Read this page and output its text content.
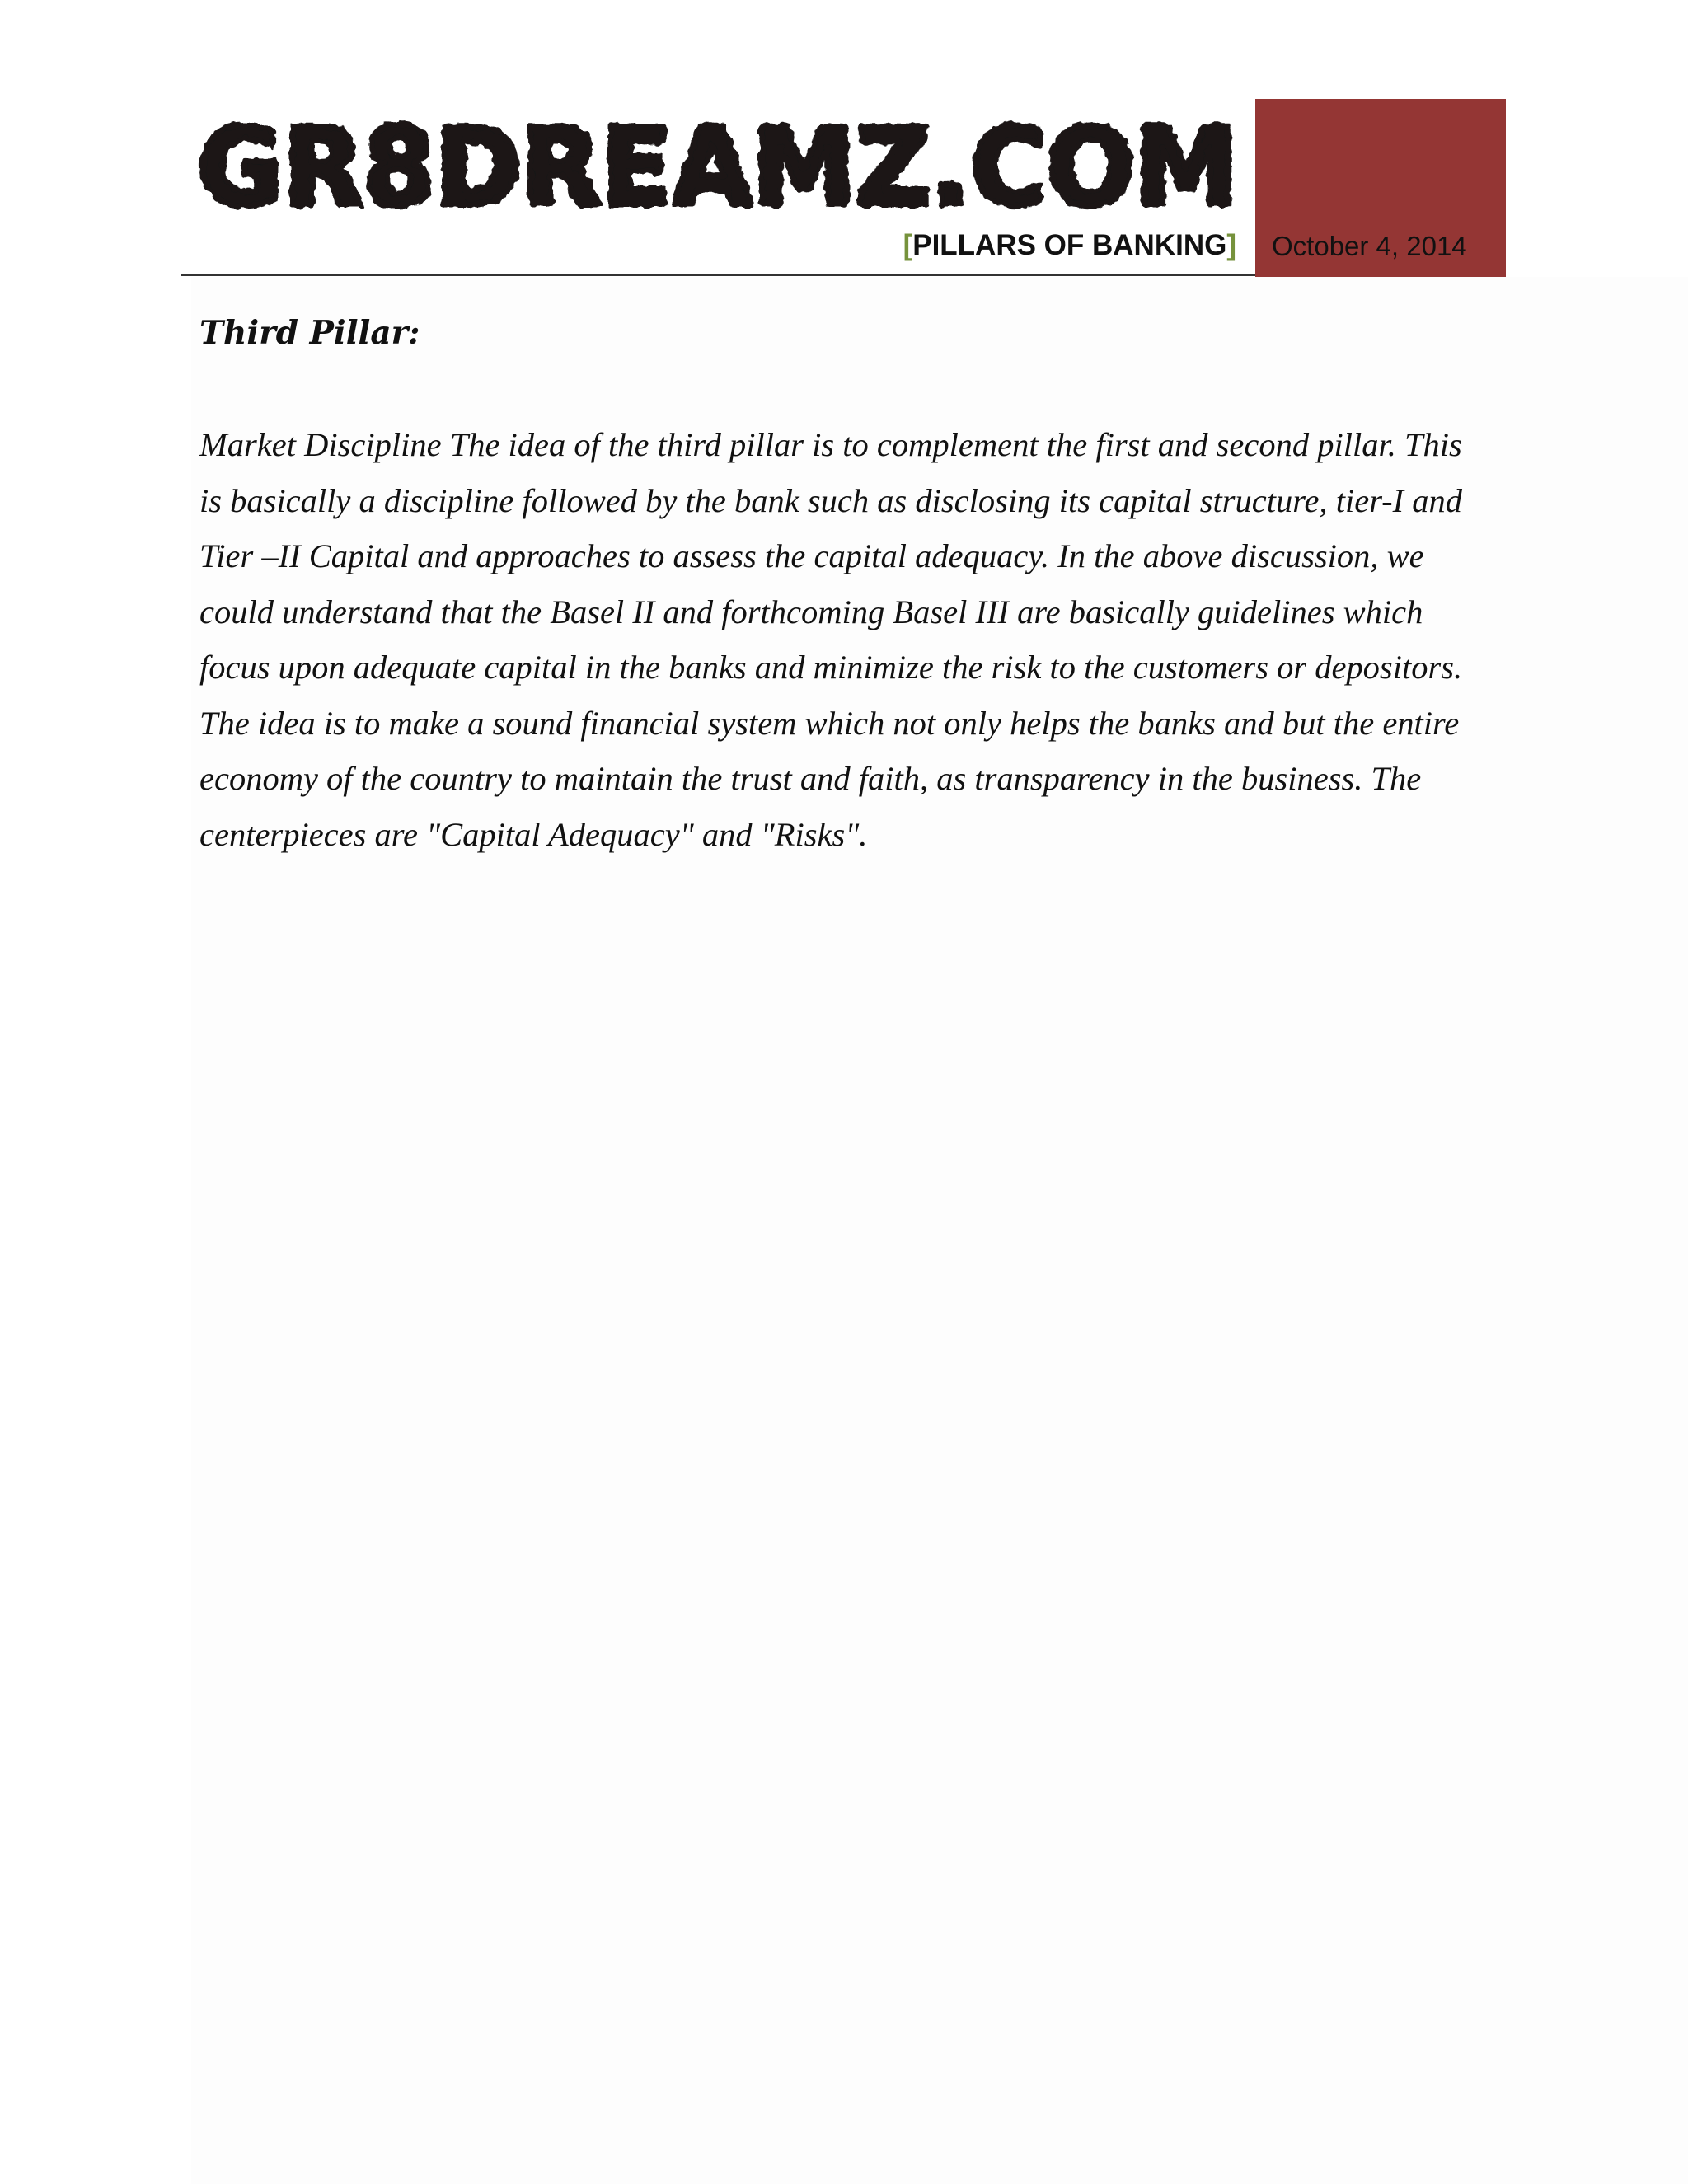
GR8DREAMZ.COM
[PILLARS OF BANKING] October 4, 2014
Third Pillar:

Market Discipline The idea of the third pillar is to complement the first and second pillar. This is basically a discipline followed by the bank such as disclosing its capital structure, tier-I and Tier –II Capital and approaches to assess the capital adequacy. In the above discussion, we could understand that the Basel II and forthcoming Basel III are basically guidelines which focus upon adequate capital in the banks and minimize the risk to the customers or depositors. The idea is to make a sound financial system which not only helps the banks and but the entire economy of the country to maintain the trust and faith, as transparency in the business. The centerpieces are "Capital Adequacy" and "Risks".
